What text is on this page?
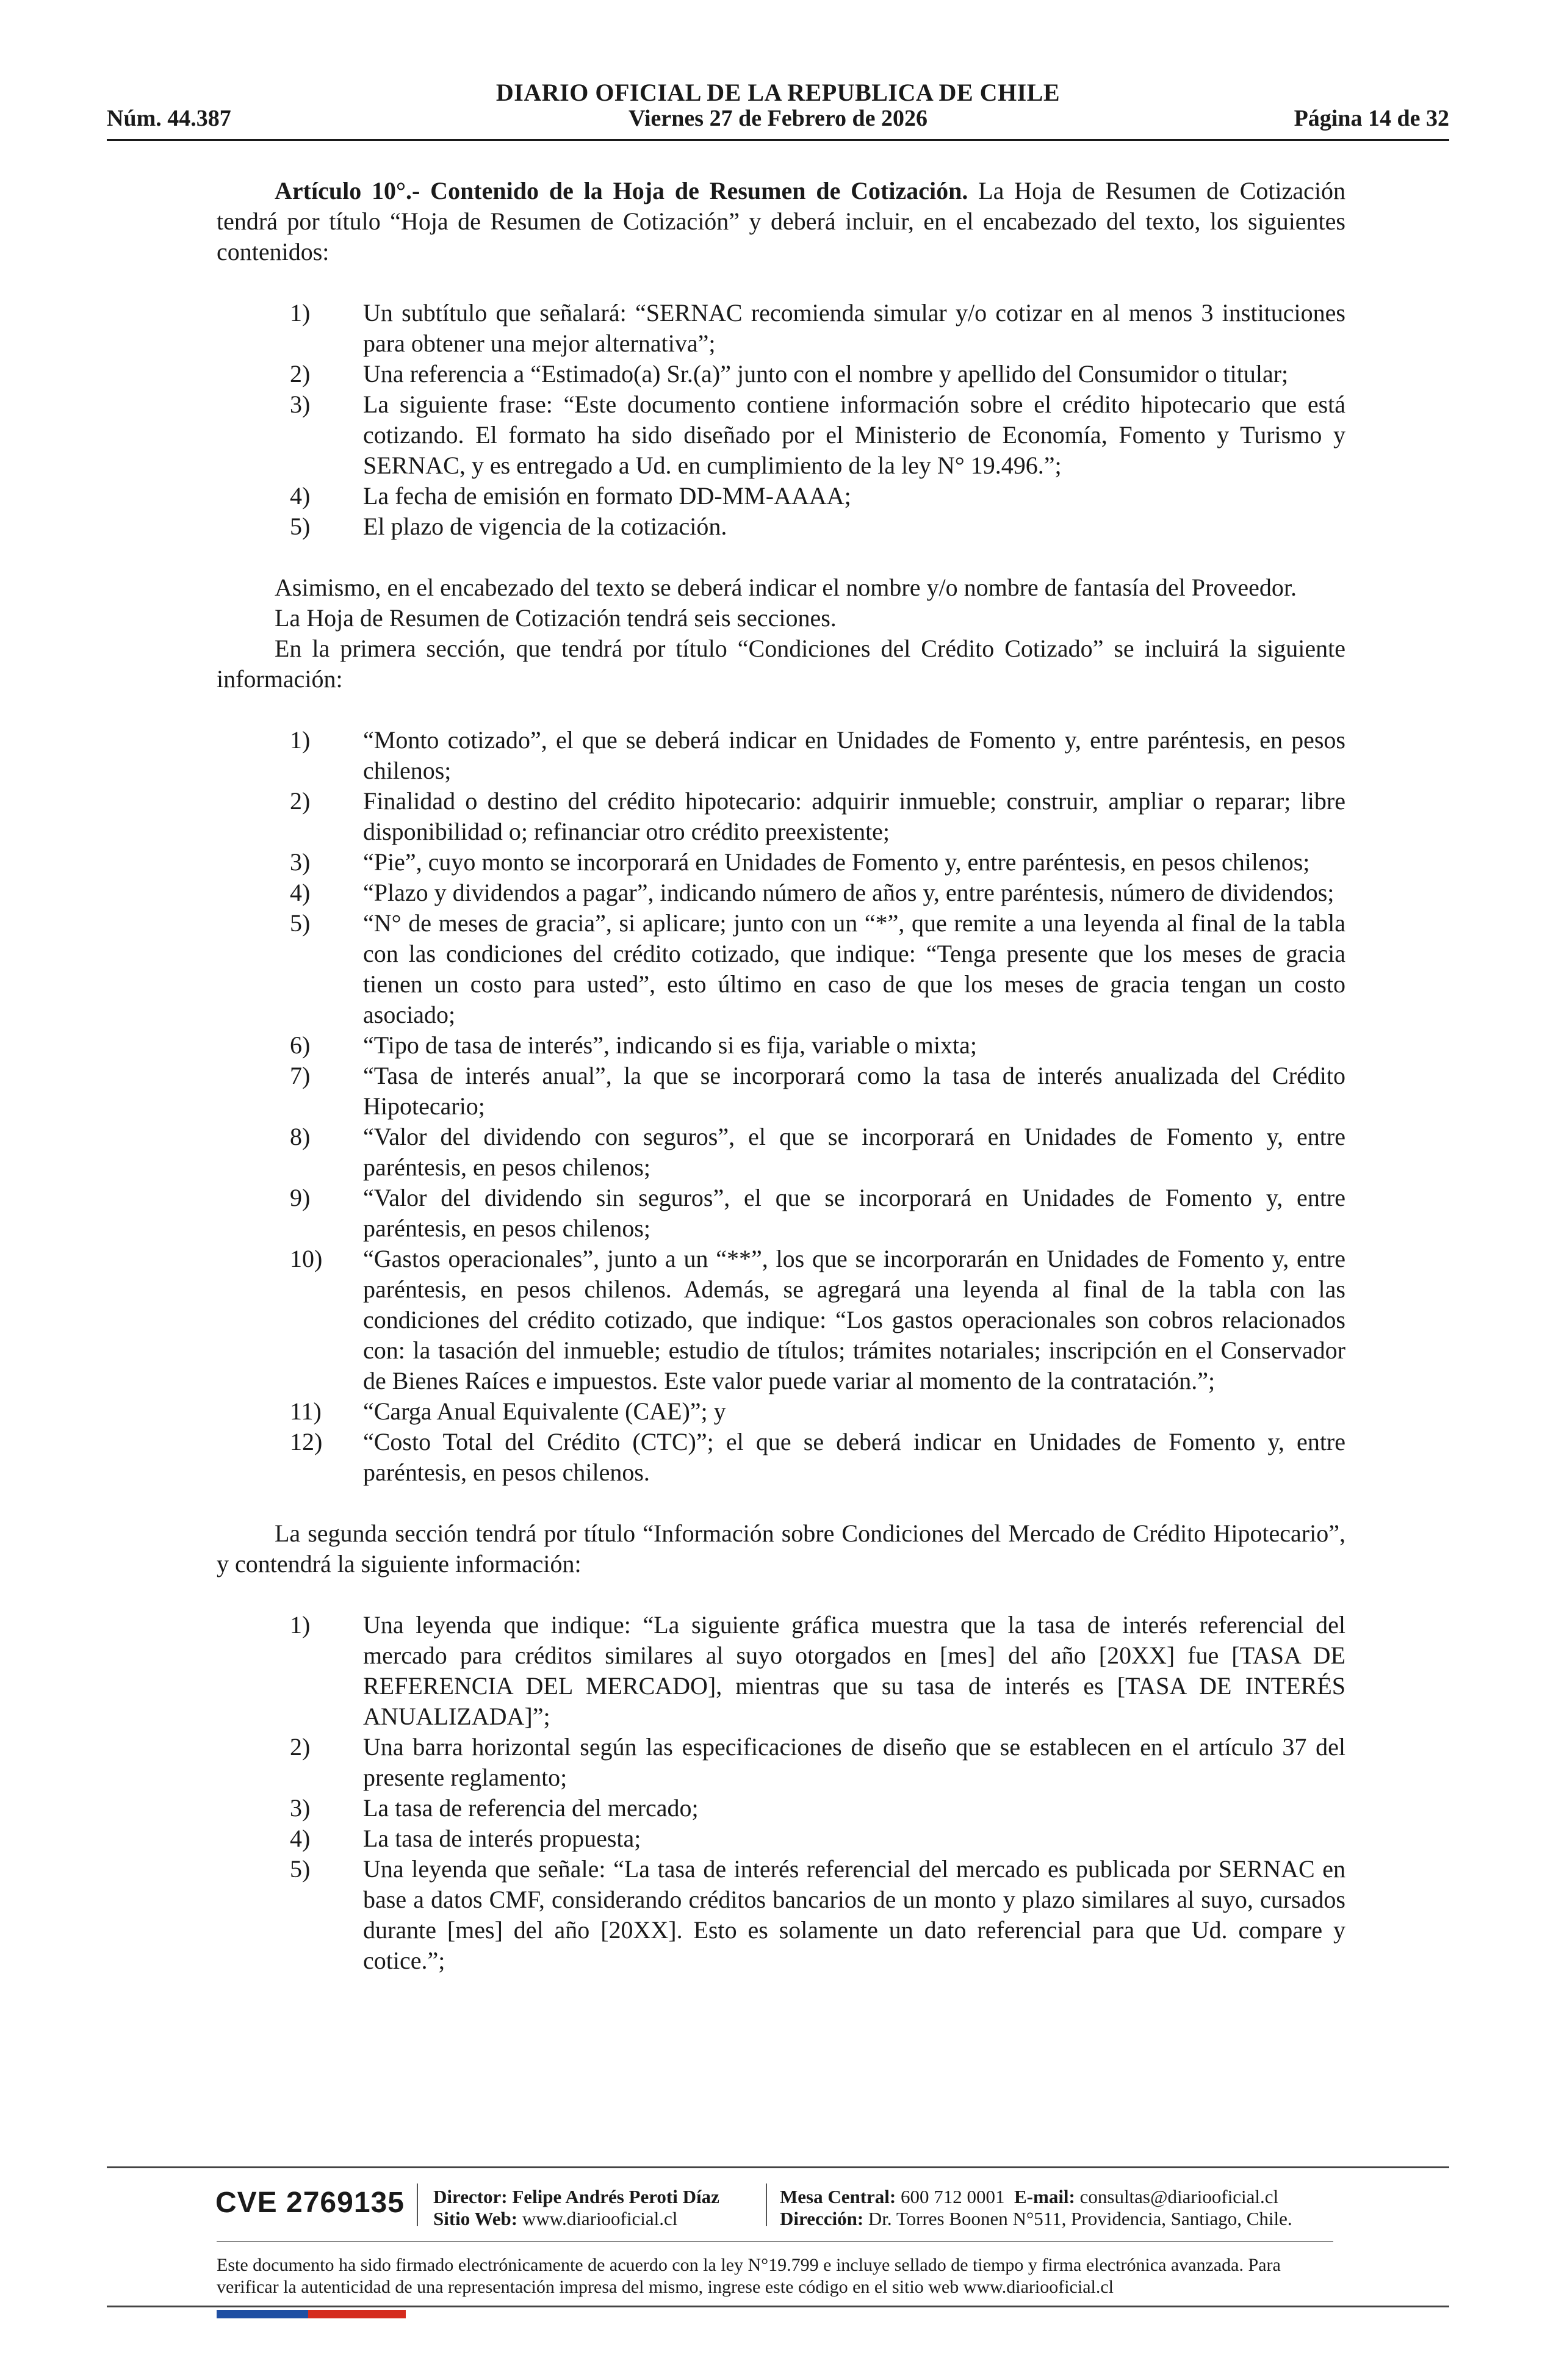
DIARIO OFICIAL DE LA REPUBLICA DE CHILE
Núm. 44.387	Viernes 27 de Febrero de 2026	Página 14 de 32

Artículo 10°.- Contenido de la Hoja de Resumen de Cotización. La Hoja de Resumen de Cotización tendrá por título “Hoja de Resumen de Cotización” y deberá incluir, en el encabezado del texto, los siguientes contenidos:

1)	Un subtítulo que señalará: “SERNAC recomienda simular y/o cotizar en al menos 3 instituciones para obtener una mejor alternativa”;
2)	Una referencia a “Estimado(a) Sr.(a)” junto con el nombre y apellido del Consumidor o titular;
3)	La siguiente frase: “Este documento contiene información sobre el crédito hipotecario que está cotizando. El formato ha sido diseñado por el Ministerio de Economía, Fomento y Turismo y SERNAC, y es entregado a Ud. en cumplimiento de la ley N° 19.496.”;
4)	La fecha de emisión en formato DD-MM-AAAA;
5)	El plazo de vigencia de la cotización.

Asimismo, en el encabezado del texto se deberá indicar el nombre y/o nombre de fantasía del Proveedor.

La Hoja de Resumen de Cotización tendrá seis secciones.

En la primera sección, que tendrá por título “Condiciones del Crédito Cotizado” se incluirá la siguiente información:

1)	“Monto cotizado”, el que se deberá indicar en Unidades de Fomento y, entre paréntesis, en pesos chilenos;
2)	Finalidad o destino del crédito hipotecario: adquirir inmueble; construir, ampliar o reparar; libre disponibilidad o; refinanciar otro crédito preexistente;
3)	“Pie”, cuyo monto se incorporará en Unidades de Fomento y, entre paréntesis, en pesos chilenos;
4)	“Plazo y dividendos a pagar”, indicando número de años y, entre paréntesis, número de dividendos;
5)	“N° de meses de gracia”, si aplicare; junto con un “*”, que remite a una leyenda al final de la tabla con las condiciones del crédito cotizado, que indique: “Tenga presente que los meses de gracia tienen un costo para usted”, esto último en caso de que los meses de gracia tengan un costo asociado;
6)	“Tipo de tasa de interés”, indicando si es fija, variable o mixta;
7)	“Tasa de interés anual”, la que se incorporará como la tasa de interés anualizada del Crédito Hipotecario;
8)	“Valor del dividendo con seguros”, el que se incorporará en Unidades de Fomento y, entre paréntesis, en pesos chilenos;
9)	“Valor del dividendo sin seguros”, el que se incorporará en Unidades de Fomento y, entre paréntesis, en pesos chilenos;
10)	“Gastos operacionales”, junto a un “**”, los que se incorporarán en Unidades de Fomento y, entre paréntesis, en pesos chilenos. Además, se agregará una leyenda al final de la tabla con las condiciones del crédito cotizado, que indique: “Los gastos operacionales son cobros relacionados con: la tasación del inmueble; estudio de títulos; trámites notariales; inscripción en el Conservador de Bienes Raíces e impuestos. Este valor puede variar al momento de la contratación.”;
11)	“Carga Anual Equivalente (CAE)”; y
12)	“Costo Total del Crédito (CTC)”; el que se deberá indicar en Unidades de Fomento y, entre paréntesis, en pesos chilenos.

La segunda sección tendrá por título “Información sobre Condiciones del Mercado de Crédito Hipotecario”, y contendrá la siguiente información:

1)	Una leyenda que indique: “La siguiente gráfica muestra que la tasa de interés referencial del mercado para créditos similares al suyo otorgados en [mes] del año [20XX] fue [TASA DE REFERENCIA DEL MERCADO], mientras que su tasa de interés es [TASA DE INTERÉS ANUALIZADA]”;
2)	Una barra horizontal según las especificaciones de diseño que se establecen en el artículo 37 del presente reglamento;
3)	La tasa de referencia del mercado;
4)	La tasa de interés propuesta;
5)	Una leyenda que señale: “La tasa de interés referencial del mercado es publicada por SERNAC en base a datos CMF, considerando créditos bancarios de un monto y plazo similares al suyo, cursados durante [mes] del año [20XX]. Esto es solamente un dato referencial para que Ud. compare y cotice.”;
CVE 2769135 Director: Felipe Andrés Peroti Díaz
Sitio Web: www.diariooficial.cl
Mesa Central: 600 712 0001 E-mail: consultas@diariooficial.cl
Dirección: Dr. Torres Boonen N°511, Providencia, Santiago, Chile.
Este documento ha sido firmado electrónicamente de acuerdo con la ley N°19.799 e incluye sellado de tiempo y firma electrónica avanzada. Para verificar la autenticidad de una representación impresa del mismo, ingrese este código en el sitio web www.diariooficial.cl
